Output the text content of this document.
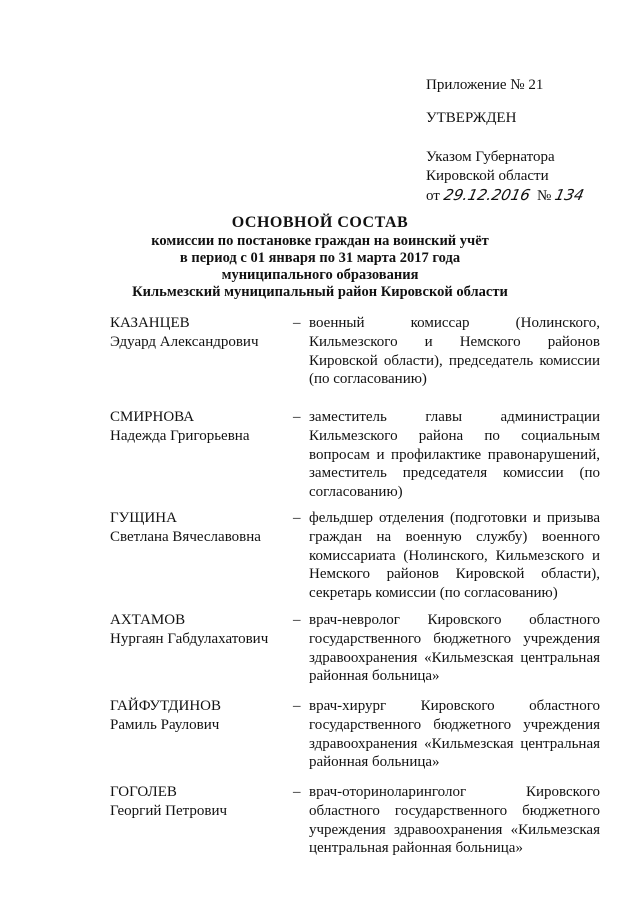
Приложение № 21
УТВЕРЖДЕН
Указом Губернатора
Кировской области
от 29.12.2016 № 134
ОСНОВНОЙ СОСТАВ
комиссии по постановке граждан на воинский учёт
в период с 01 января по 31 марта 2017 года
муниципального образования
Кильмезский муниципальный район Кировской области
КАЗАНЦЕВ
Эдуард Александрович
– военный комиссар (Нолинского, Кильмезского и Немского районов Кировской области), председатель комиссии (по согласованию)
СМИРНОВА
Надежда Григорьевна
– заместитель главы администрации Кильмезского района по социальным вопросам и профилактике правонарушений, заместитель председателя комиссии (по согласованию)
ГУЩИНА
Светлана Вячеславовна
– фельдшер отделения (подготовки и призыва граждан на военную службу) военного комиссариата (Нолинского, Кильмезского и Немского районов Кировской области), секретарь комиссии (по согласованию)
АХТАМОВ
Нургаян Габдулахатович
– врач-невролог Кировского областного государственного бюджетного учреждения здравоохранения «Кильмезская центральная районная больница»
ГАЙФУТДИНОВ
Рамиль Раулович
– врач-хирург Кировского областного государственного бюджетного учреждения здравоохранения «Кильмезская центральная районная больница»
ГОГОЛЕВ
Георгий Петрович
– врач-оториноларинголог Кировского областного государственного бюджетного учреждения здравоохранения «Кильмезская центральная районная больница»
